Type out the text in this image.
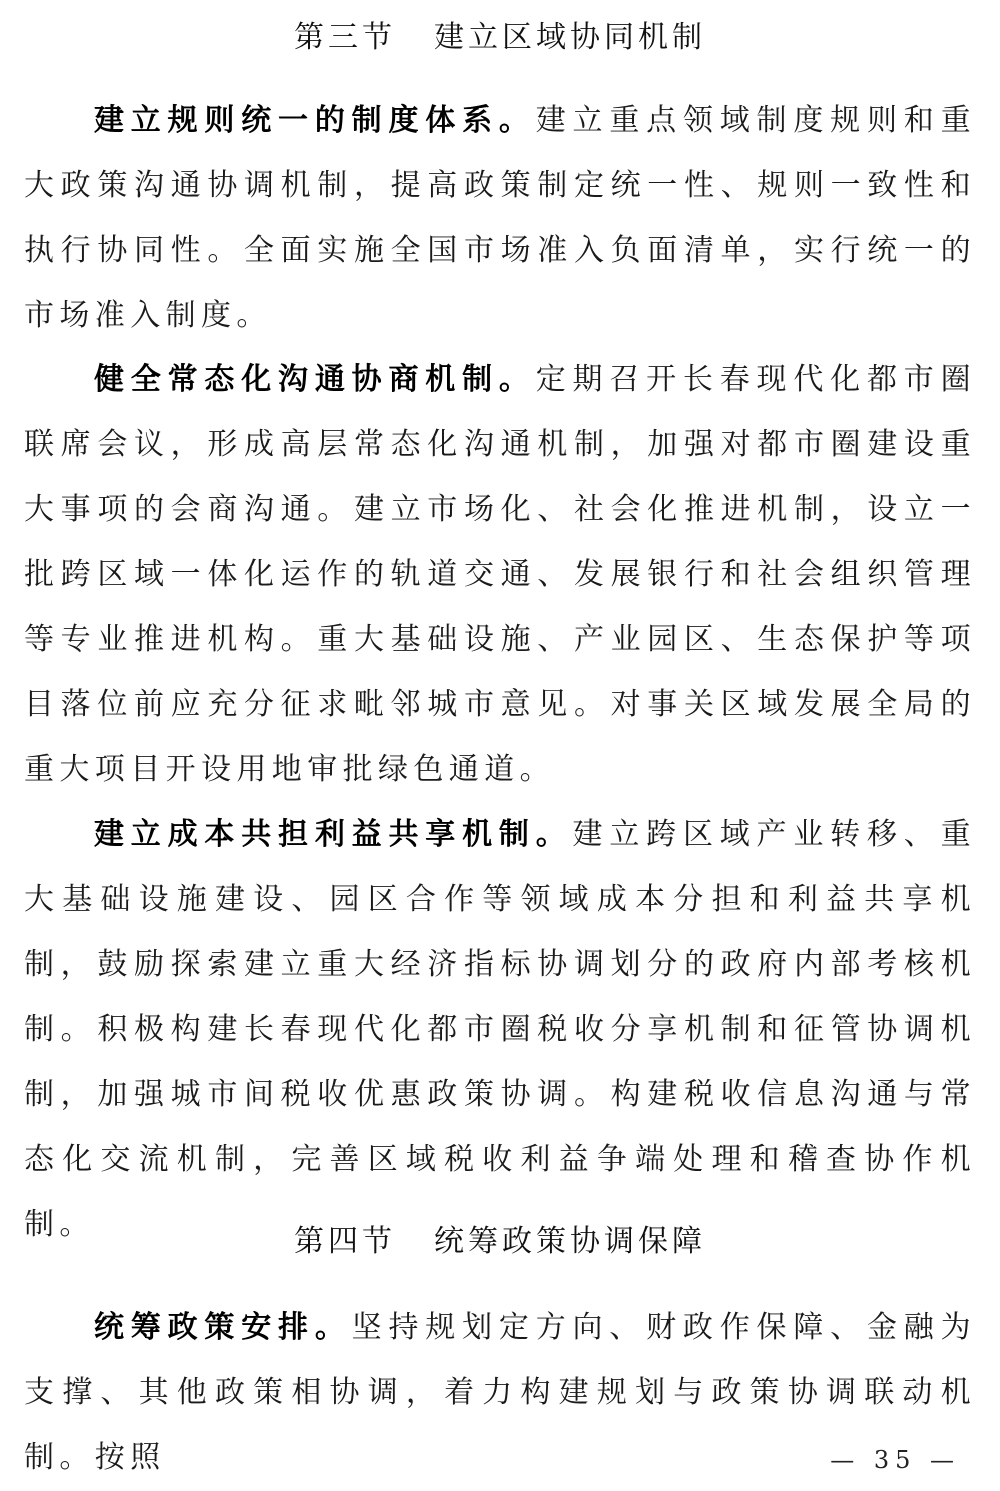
第三节 建立区域协同机制

建立规则统一的制度体系。建立重点领域制度规则和重大政策沟通协调机制，提高政策制定统一性、规则一致性和执行协同性。全面实施全国市场准入负面清单，实行统一的市场准入制度。

健全常态化沟通协商机制。定期召开长春现代化都市圈联席会议，形成高层常态化沟通机制，加强对都市圈建设重大事项的会商沟通。建立市场化、社会化推进机制，设立一批跨区域一体化运作的轨道交通、发展银行和社会组织管理等专业推进机构。重大基础设施、产业园区、生态保护等项目落位前应充分征求毗邻城市意见。对事关区域发展全局的重大项目开设用地审批绿色通道。

建立成本共担利益共享机制。建立跨区域产业转移、重大基础设施建设、园区合作等领域成本分担和利益共享机制，鼓励探索建立重大经济指标协调划分的政府内部考核机制。积极构建长春现代化都市圈税收分享机制和征管协调机制，加强城市间税收优惠政策协调。构建税收信息沟通与常态化交流机制，完善区域税收利益争端处理和稽查协作机制。	第四节 统筹政策协调保障

统筹政策安排。坚持规划定方向、财政作保障、金融为支撑、其他政策相协调，着力构建规划与政策协调联动机制。按照	— 35 —
